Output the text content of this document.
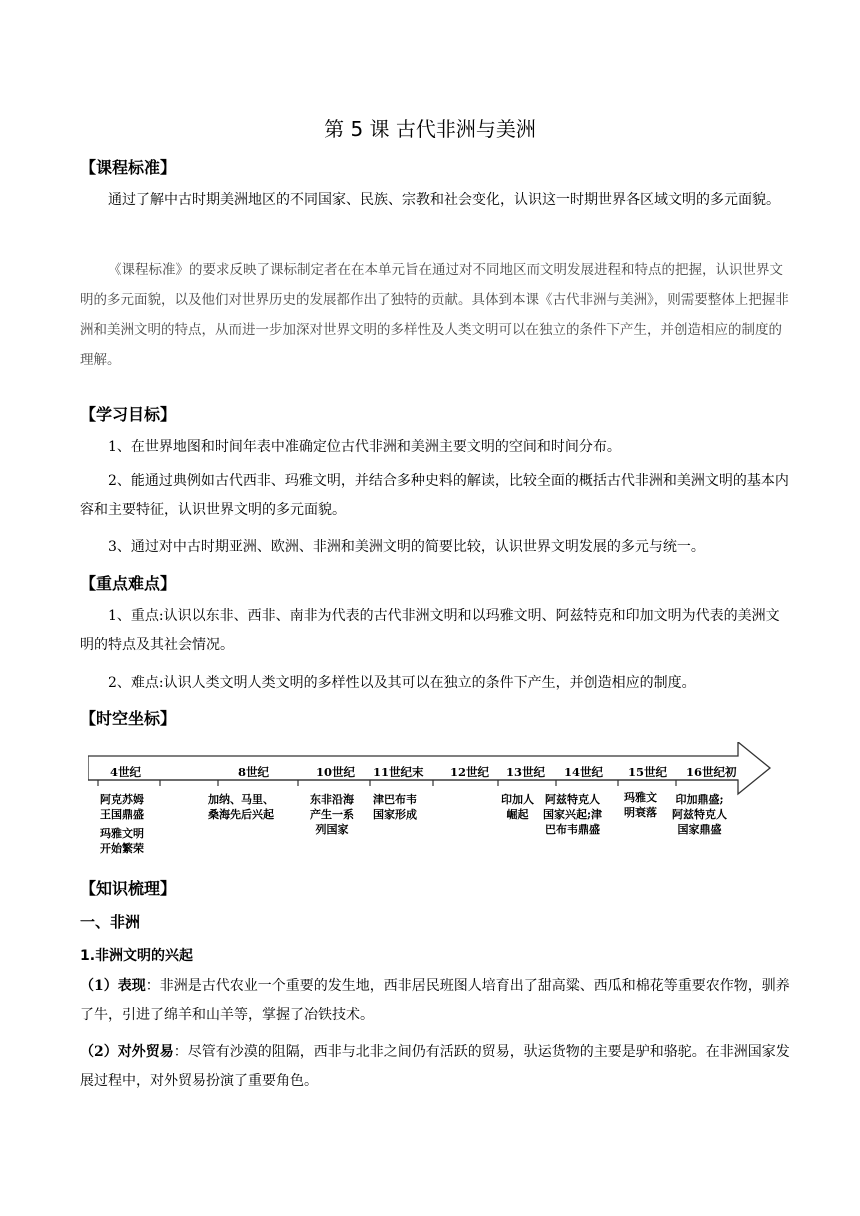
第 5 课 古代非洲与美洲
【课程标准】
通过了解中古时期美洲地区的不同国家、民族、宗教和社会变化，认识这一时期世界各区域文明的多元面貌。
《课程标准》的要求反映了课标制定者在在本单元旨在通过对不同地区而文明发展进程和特点的把握，认识世界文明的多元面貌，以及他们对世界历史的发展都作出了独特的贡献。具体到本课《古代非洲与美洲》，则需要整体上把握非洲和美洲文明的特点，从而进一步加深对世界文明的多样性及人类文明可以在独立的条件下产生，并创造相应的制度的理解。
【学习目标】
1、在世界地图和时间年表中准确定位古代非洲和美洲主要文明的空间和时间分布。
2、能通过典例如古代西非、玛雅文明，并结合多种史料的解读，比较全面的概括古代非洲和美洲文明的基本内容和主要特征，认识世界文明的多元面貌。
3、通过对中古时期亚洲、欧洲、非洲和美洲文明的简要比较，认识世界文明发展的多元与统一。
【重点难点】
1、重点:认识以东非、西非、南非为代表的古代非洲文明和以玛雅文明、阿兹特克和印加文明为代表的美洲文明的特点及其社会情况。
2、难点:认识人类文明人类文明的多样性以及其可以在独立的条件下产生，并创造相应的制度。
【时空坐标】
4世纪	8世纪	10世纪 11世纪末 12世纪 13世纪 14世纪 15世纪 16世纪初
阿克苏姆
王国鼎盛
玛雅文明
开始繁荣
加纳、马里、
桑海先后兴起
东非沿海
产生一系
列国家
津巴布韦
国家形成
印加人
崛起
阿兹特克人
国家兴起;津
巴布韦鼎盛
玛雅文
明衰落
印加鼎盛;
阿兹特克人
国家鼎盛
【知识梳理】
一、非洲
1.非洲文明的兴起
（1）表现：非洲是古代农业一个重要的发生地，西非居民班图人培育出了甜高粱、西瓜和棉花等重要农作物，驯养了牛，引进了绵羊和山羊等，掌握了冶铁技术。
（2）对外贸易：尽管有沙漠的阻隔，西非与北非之间仍有活跃的贸易，驮运货物的主要是驴和骆驼。在非洲国家发展过程中，对外贸易扮演了重要角色。
